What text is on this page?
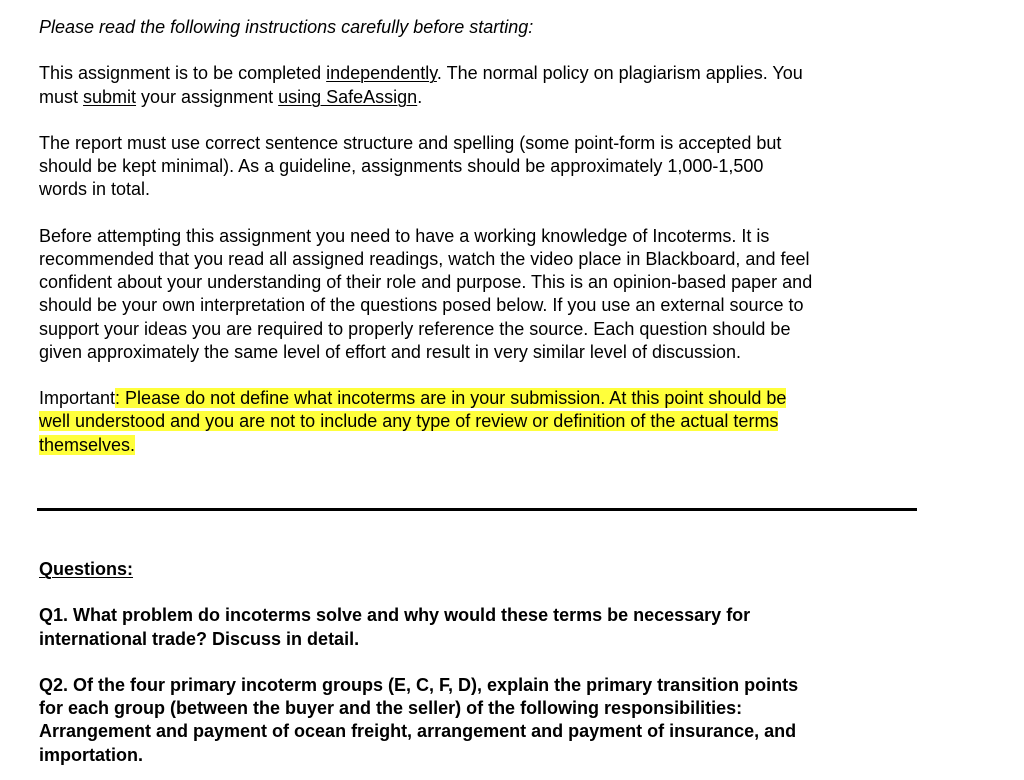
Please read the following instructions carefully before starting:
This assignment is to be completed independently. The normal policy on plagiarism applies. You
must submit your assignment using SafeAssign.
The report must use correct sentence structure and spelling (some point-form is accepted but
should be kept minimal). As a guideline, assignments should be approximately 1,000-1,500
words in total.
Before attempting this assignment you need to have a working knowledge of Incoterms. It is
recommended that you read all assigned readings, watch the video place in Blackboard, and feel
confident about your understanding of their role and purpose. This is an opinion-based paper and
should be your own interpretation of the questions posed below. If you use an external source to
support your ideas you are required to properly reference the source. Each question should be
given approximately the same level of effort and result in very similar level of discussion.
Important: Please do not define what incoterms are in your submission. At this point should be
well understood and you are not to include any type of review or definition of the actual terms
themselves.
Questions:
Q1. What problem do incoterms solve and why would these terms be necessary for
international trade? Discuss in detail.
Q2. Of the four primary incoterm groups (E, C, F, D), explain the primary transition points
for each group (between the buyer and the seller) of the following responsibilities:
Arrangement and payment of ocean freight, arrangement and payment of insurance, and
importation.
